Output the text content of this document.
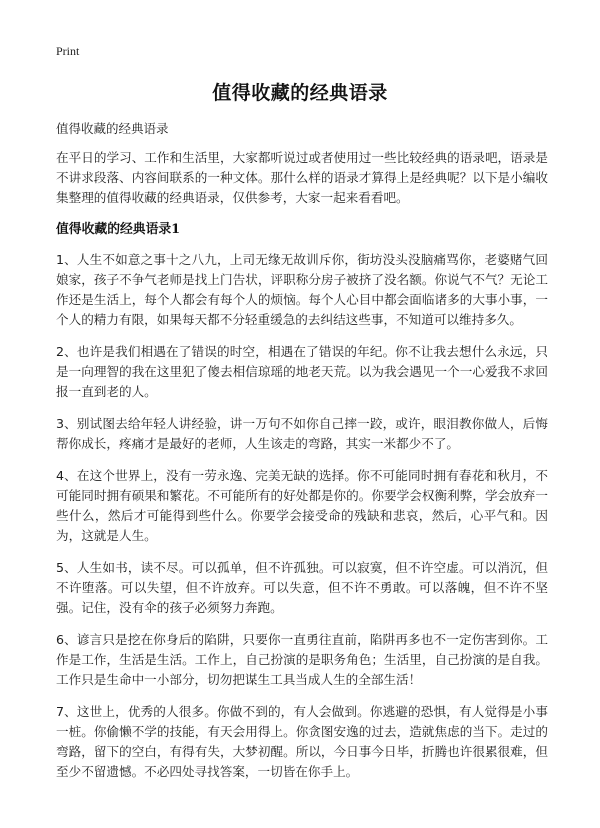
Print
值得收藏的经典语录
值得收藏的经典语录

在平日的学习、工作和生活里，大家都听说过或者使用过一些比较经典的语录吧，语录是不讲求段落、内容间联系的一种文体。那什么样的语录才算得上是经典呢？以下是小编收集整理的值得收藏的经典语录，仅供参考，大家一起来看看吧。

值得收藏的经典语录1

1、人生不如意之事十之八九，上司无缘无故训斥你，街坊没头没脑痛骂你，老婆赌气回娘家，孩子不争气老师是找上门告状，评职称分房子被挤了没名额。你说气不气？无论工作还是生活上，每个人都会有每个人的烦恼。每个人心目中都会面临诸多的大事小事，一个人的精力有限，如果每天都不分轻重缓急的去纠结这些事，不知道可以维持多久。

2、也许是我们相遇在了错误的时空，相遇在了错误的年纪。你不让我去想什么永远，只是一向理智的我在这里犯了傻去相信琼瑶的地老天荒。以为我会遇见一个一心爱我不求回报一直到老的人。

3、别试图去给年轻人讲经验，讲一万句不如你自己摔一跤，或许，眼泪教你做人，后悔帮你成长，疼痛才是最好的老师，人生该走的弯路，其实一米都少不了。

4、在这个世界上，没有一劳永逸、完美无缺的选择。你不可能同时拥有春花和秋月，不可能同时拥有硕果和繁花。不可能所有的好处都是你的。你要学会权衡利弊，学会放弃一些什么，然后才可能得到些什么。你要学会接受命的残缺和悲哀，然后，心平气和。因为，这就是人生。

5、人生如书，读不尽。可以孤单，但不许孤独。可以寂寞，但不许空虚。可以消沉，但不许堕落。可以失望，但不许放弃。可以失意，但不许不勇敢。可以落魄，但不许不坚强。记住，没有伞的孩子必须努力奔跑。

6、谚言只是挖在你身后的陷阱，只要你一直勇往直前，陷阱再多也不一定伤害到你。工作是工作，生活是生活。工作上，自己扮演的是职务角色；生活里，自己扮演的是自我。工作只是生命中一小部分，切勿把谋生工具当成人生的全部生活！

7、这世上，优秀的人很多。你做不到的，有人会做到。你逃避的恐惧，有人觉得是小事一桩。你偷懒不学的技能，有天会用得上。你贪图安逸的过去，造就焦虑的当下。走过的弯路，留下的空白，有得有失，大梦初醒。所以，今日事今日毕，折腾也许很累很难，但至少不留遗憾。不必四处寻找答案，一切皆在你手上。
